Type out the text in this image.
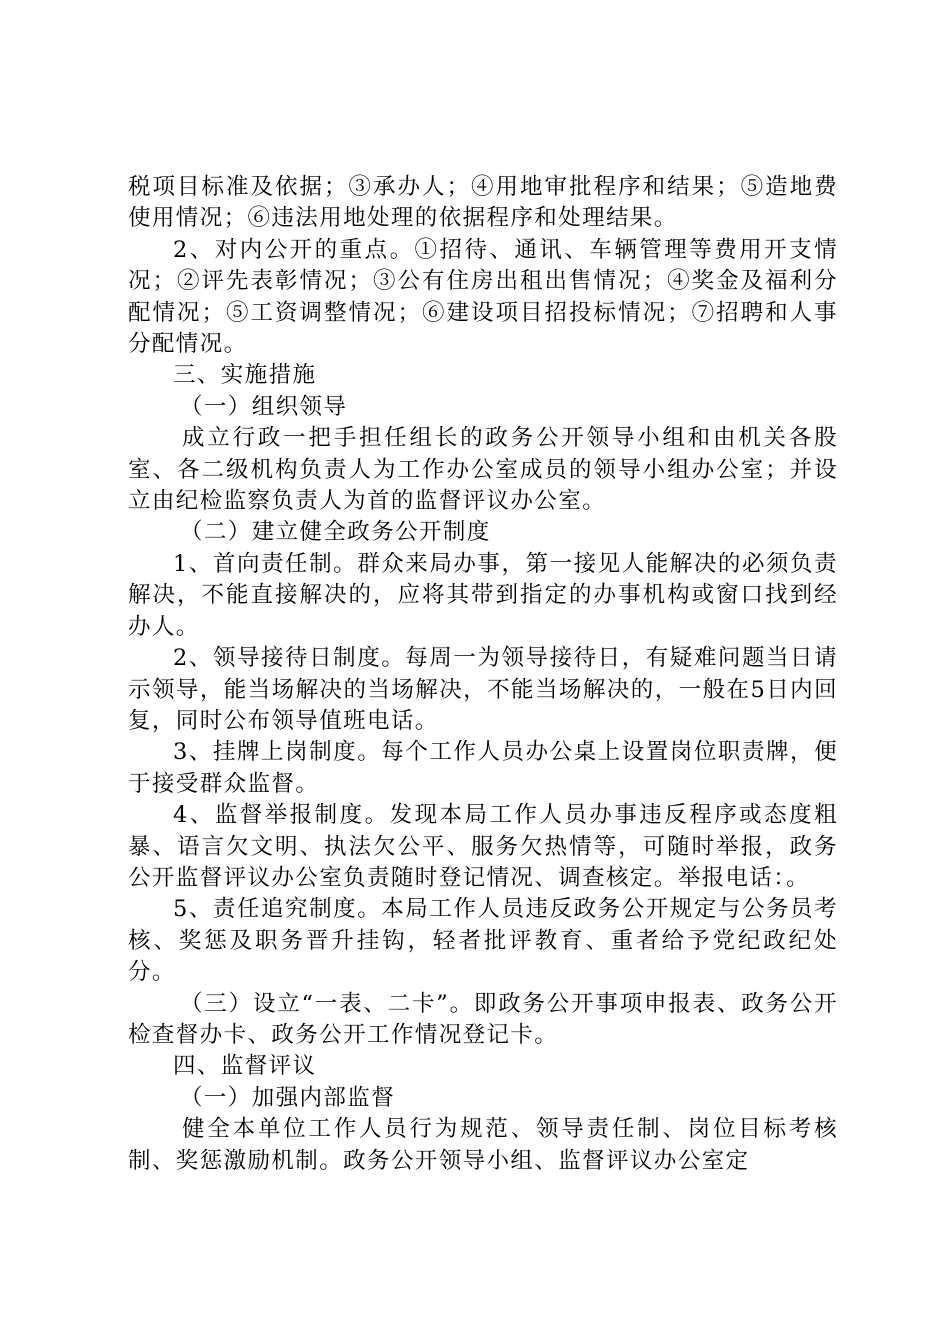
税项目标准及依据；③承办人；④用地审批程序和结果；⑤造地费使用情况；⑥违法用地处理的依据程序和处理结果。

2、对内公开的重点。①招待、通讯、车辆管理等费用开支情况；②评先表彰情况；③公有住房出租出售情况；④奖金及福利分配情况；⑤工资调整情况；⑥建设项目招投标情况；⑦招聘和人事分配情况。

三、实施措施

（一）组织领导

成立行政一把手担任组长的政务公开领导小组和由机关各股室、各二级机构负责人为工作办公室成员的领导小组办公室；并设立由纪检监察负责人为首的监督评议办公室。

（二）建立健全政务公开制度

1、首向责任制。群众来局办事，第一接见人能解决的必须负责解决，不能直接解决的，应将其带到指定的办事机构或窗口找到经办人。

2、领导接待日制度。每周一为领导接待日，有疑难问题当日请示领导，能当场解决的当场解决，不能当场解决的，一般在5日内回复，同时公布领导值班电话。

3、挂牌上岗制度。每个工作人员办公桌上设置岗位职责牌，便于接受群众监督。

4、监督举报制度。发现本局工作人员办事违反程序或态度粗暴、语言欠文明、执法欠公平、服务欠热情等，可随时举报，政务公开监督评议办公室负责随时登记情况、调查核定。举报电话：。

5、责任追究制度。本局工作人员违反政务公开规定与公务员考核、奖惩及职务晋升挂钩，轻者批评教育、重者给予党纪政纪处分。

（三）设立“一表、二卡”。即政务公开事项申报表、政务公开检查督办卡、政务公开工作情况登记卡。

四、监督评议

（一）加强内部监督

健全本单位工作人员行为规范、领导责任制、岗位目标考核制、奖惩激励机制。政务公开领导小组、监督评议办公室定
